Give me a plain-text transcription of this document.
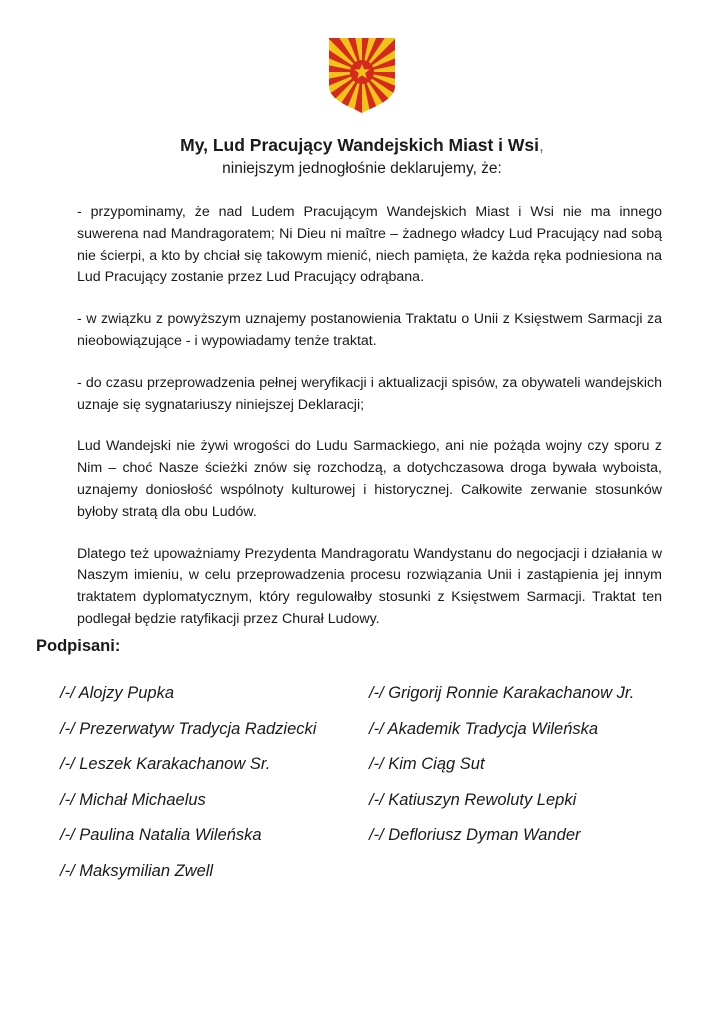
My, Lud Pracujący Wandejskich Miast i Wsi,
niniejszym jednogłośnie deklarujemy, że:

- przypominamy, że nad Ludem Pracującym Wandejskich Miast i Wsi nie ma innego suwerena nad Mandragoratem; Ni Dieu ni maître – żadnego władcy Lud Pracujący nad sobą nie ścierpi, a kto by chciał się takowym mienić, niech pamięta, że każda ręka podniesiona na Lud Pracujący zostanie przez Lud Pracujący odrąbana.

- w związku z powyższym uznajemy postanowienia Traktatu o Unii z Księstwem Sarmacji za nieobowiązujące - i wypowiadamy tenże traktat.

- do czasu przeprowadzenia pełnej weryfikacji i aktualizacji spisów, za obywateli wandejskich uznaje się sygnatariuszy niniejszej Deklaracji;

Lud Wandejski nie żywi wrogości do Ludu Sarmackiego, ani nie pożąda wojny czy sporu z Nim – choć Nasze ścieżki znów się rozchodzą, a dotychczasowa droga bywała wyboista, uznajemy doniosłość wspólnoty kulturowej i historycznej. Całkowite zerwanie stosunków byłoby stratą dla obu Ludów.

Dlatego też upoważniamy Prezydenta Mandragoratu Wandystanu do negocjacji i działania w Naszym imieniu, w celu przeprowadzenia procesu rozwiązania Unii i zastąpienia jej innym traktatem dyplomatycznym, który regulowałby stosunki z Księstwem Sarmacji. Traktat ten podlegał będzie ratyfikacji przez Churał Ludowy.

Podpisani:
/-/ Alojzy Pupka
/-/ Prezerwatyw Tradycja Radziecki
/-/ Leszek Karakachanow Sr.
/-/ Michał Michaelus
/-/ Paulina Natalia Wileńska
/-/ Maksymilian Zwell
/-/ Grigorij Ronnie Karakachanow Jr.
/-/ Akademik Tradycja Wileńska
/-/ Kim Ciąg Sut
/-/ Katiuszyn Rewoluty Lepki
/-/ Defloriusz Dyman Wander
